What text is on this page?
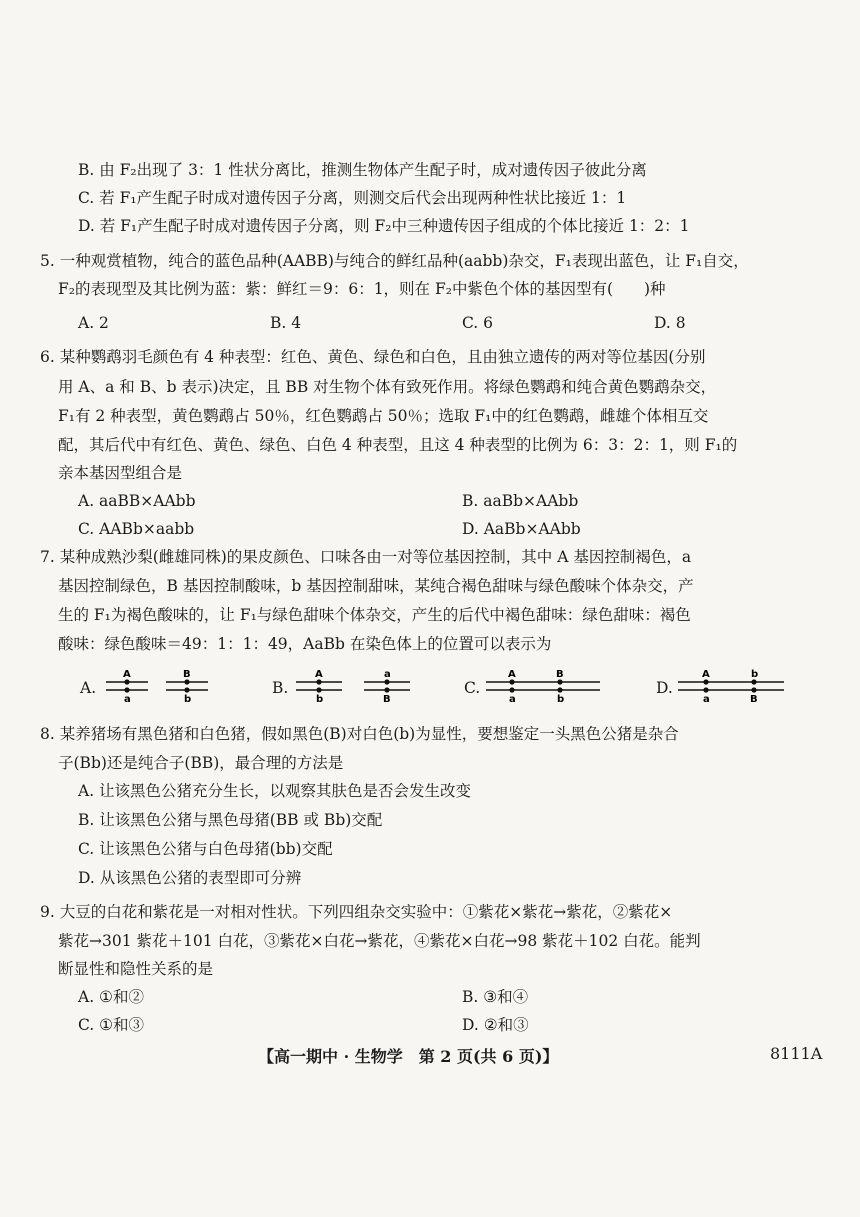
B. 由 F₂出现了 3：1 性状分离比，推测生物体产生配子时，成对遗传因子彼此分离
C. 若 F₁产生配子时成对遗传因子分离，则测交后代会出现两种性状比接近 1：1
D. 若 F₁产生配子时成对遗传因子分离，则 F₂中三种遗传因子组成的个体比接近 1：2：1
5. 一种观赏植物，纯合的蓝色品种(AABB)与纯合的鲜红品种(aabb)杂交，F₁表现出蓝色，让 F₁自交，
F₂的表现型及其比例为蓝：紫：鲜红＝9：6：1，则在 F₂中紫色个体的基因型有(　　)种
A. 2	B. 4	C. 6	D. 8
6. 某种鹦鹉羽毛颜色有 4 种表型：红色、黄色、绿色和白色，且由独立遗传的两对等位基因(分别
用 A、a 和 B、b 表示)决定，且 BB 对生物个体有致死作用。将绿色鹦鹉和纯合黄色鹦鹉杂交，
F₁有 2 种表型，黄色鹦鹉占 50％，红色鹦鹉占 50％；选取 F₁中的红色鹦鹉，雌雄个体相互交
配，其后代中有红色、黄色、绿色、白色 4 种表型，且这 4 种表型的比例为 6：3：2：1，则 F₁的
亲本基因型组合是
A. aaBB×AAbb	B. aaBb×AAbb
C. AABb×aabb	D. AaBb×AAbb
7. 某种成熟沙梨(雌雄同株)的果皮颜色、口味各由一对等位基因控制，其中 A 基因控制褐色，a
基因控制绿色，B 基因控制酸味，b 基因控制甜味，某纯合褐色甜味与绿色酸味个体杂交，产
生的 F₁为褐色酸味的，让 F₁与绿色甜味个体杂交，产生的后代中褐色甜味：绿色甜味：褐色
酸味：绿色酸味＝49：1：1：49，AaBb 在染色体上的位置可以表示为
A.
A
a
B
b
B.
A
b
a
B
C.
A
a
B
b
D.
A
a
b
B
8. 某养猪场有黑色猪和白色猪，假如黑色(B)对白色(b)为显性，要想鉴定一头黑色公猪是杂合
子(Bb)还是纯合子(BB)，最合理的方法是
A. 让该黑色公猪充分生长，以观察其肤色是否会发生改变
B. 让该黑色公猪与黑色母猪(BB 或 Bb)交配
C. 让该黑色公猪与白色母猪(bb)交配
D. 从该黑色公猪的表型即可分辨
9. 大豆的白花和紫花是一对相对性状。下列四组杂交实验中：①紫花×紫花→紫花，②紫花×
紫花→301 紫花＋101 白花，③紫花×白花→紫花，④紫花×白花→98 紫花＋102 白花。能判
断显性和隐性关系的是
A. ①和②	B. ③和④
C. ①和③	D. ②和③
【高一期中 · 生物学　第 2 页(共 6 页)】	8111A
